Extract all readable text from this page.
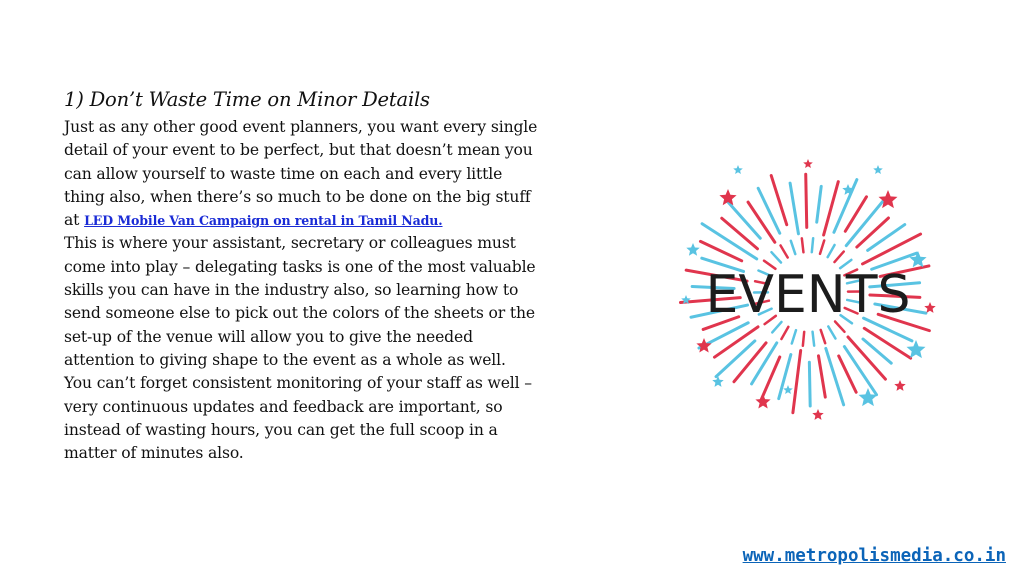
1) Don’t Waste Time on Minor Details

Just as any other good event planners, you want every single detail of your event to be perfect, but that doesn’t mean you can allow yourself to waste time on each and every little thing also, when there’s so much to be done on the big stuff at LED Mobile Van Campaign on rental in Tamil Nadu.

This is where your assistant, secretary or colleagues must come into play – delegating tasks is one of the most valuable skills you can have in the industry also, so learning how to send someone else to pick out the colors of the sheets or the set-up of the venue will allow you to give the needed attention to giving shape to the event as a whole as well.

You can’t forget consistent monitoring of your staff as well – very continuous updates and feedback are important, so instead of wasting hours, you can get the full scoop in a matter of minutes also.

EVENTS
www.metropolismedia.co.in
